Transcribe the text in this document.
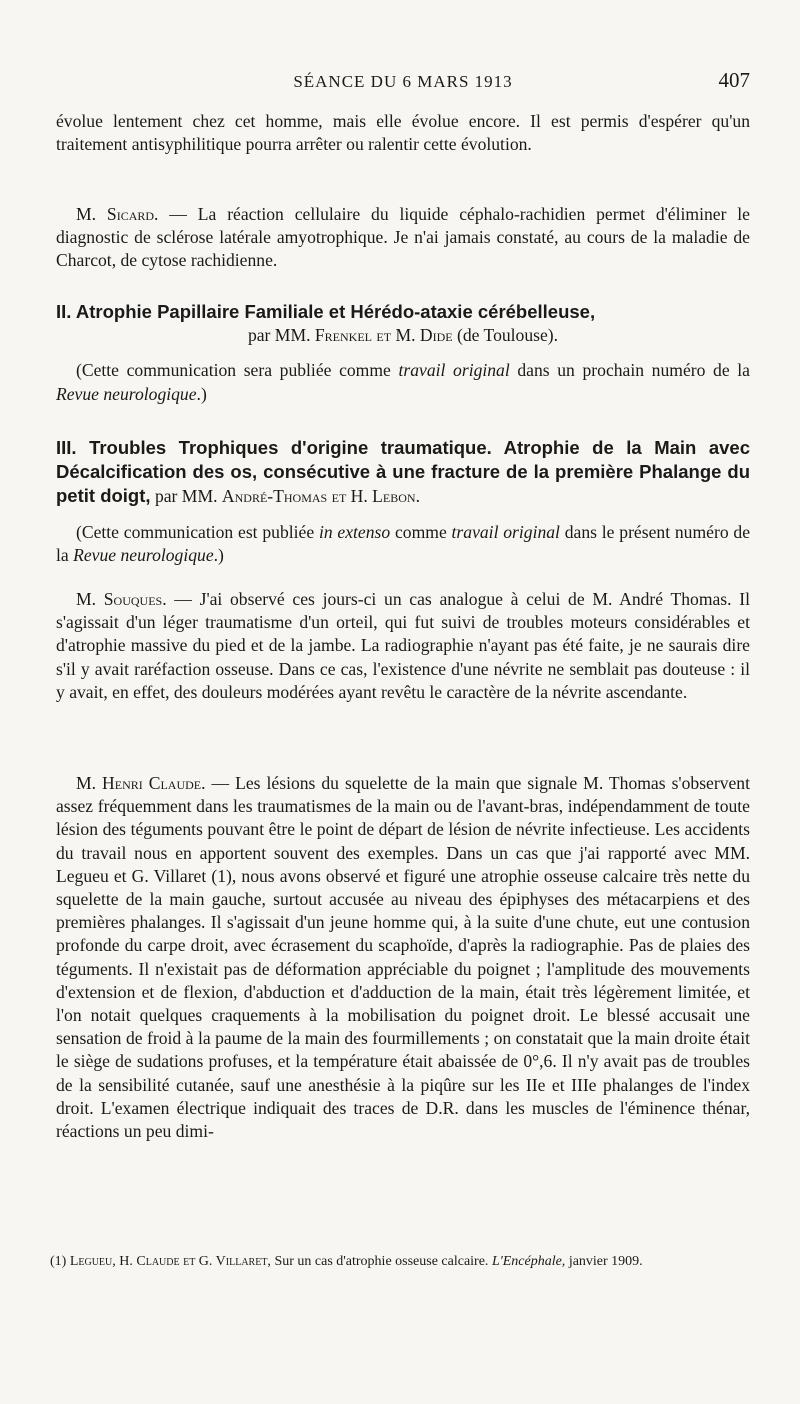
SÉANCE DU 6 MARS 1913	407

évolue lentement chez cet homme, mais elle évolue encore. Il est permis d'espérer qu'un traitement antisyphilitique pourra arrêter ou ralentir cette évolution.

M. Sicard. — La réaction cellulaire du liquide céphalo-rachidien permet d'éliminer le diagnostic de sclérose latérale amyotrophique. Je n'ai jamais constaté, au cours de la maladie de Charcot, de cytose rachidienne.

II. Atrophie Papillaire Familiale et Hérédo-ataxie cérébelleuse,

par MM. Frenkel et M. Dide (de Toulouse).

(Cette communication sera publiée comme travail original dans un prochain numéro de la Revue neurologique.)

III. Troubles Trophiques d'origine traumatique. Atrophie de la Main avec Décalcification des os, consécutive à une fracture de la première Phalange du petit doigt, par MM. André-Thomas et H. Lebon.

(Cette communication est publiée in extenso comme travail original dans le présent numéro de la Revue neurologique.)

M. Souques. — J'ai observé ces jours-ci un cas analogue à celui de M. André Thomas. Il s'agissait d'un léger traumatisme d'un orteil, qui fut suivi de troubles moteurs considérables et d'atrophie massive du pied et de la jambe. La radiographie n'ayant pas été faite, je ne saurais dire s'il y avait raréfaction osseuse. Dans ce cas, l'existence d'une névrite ne semblait pas douteuse : il y avait, en effet, des douleurs modérées ayant revêtu le caractère de la névrite ascendante.

M. Henri Claude. — Les lésions du squelette de la main que signale M. Thomas s'observent assez fréquemment dans les traumatismes de la main ou de l'avant-bras, indépendamment de toute lésion des téguments pouvant être le point de départ de lésion de névrite infectieuse. Les accidents du travail nous en apportent souvent des exemples. Dans un cas que j'ai rapporté avec MM. Legueu et G. Villaret (1), nous avons observé et figuré une atrophie osseuse calcaire très nette du squelette de la main gauche, surtout accusée au niveau des épiphyses des métacarpiens et des premières phalanges. Il s'agissait d'un jeune homme qui, à la suite d'une chute, eut une contusion profonde du carpe droit, avec écrasement du scaphoïde, d'après la radiographie. Pas de plaies des téguments. Il n'existait pas de déformation appréciable du poignet ; l'amplitude des mouvements d'extension et de flexion, d'abduction et d'adduction de la main, était très légèrement limitée, et l'on notait quelques craquements à la mobilisation du poignet droit. Le blessé accusait une sensation de froid à la paume de la main des fourmillements ; on constatait que la main droite était le siège de sudations profuses, et la température était abaissée de 0°,6. Il n'y avait pas de troubles de la sensibilité cutanée, sauf une anesthésie à la piqûre sur les IIe et IIIe phalanges de l'index droit. L'examen électrique indiquait des traces de D.R. dans les muscles de l'éminence thénar, réactions un peu dimi-

(1) Legueu, H. Claude et G. Villaret, Sur un cas d'atrophie osseuse calcaire. L'Encéphale, janvier 1909.
